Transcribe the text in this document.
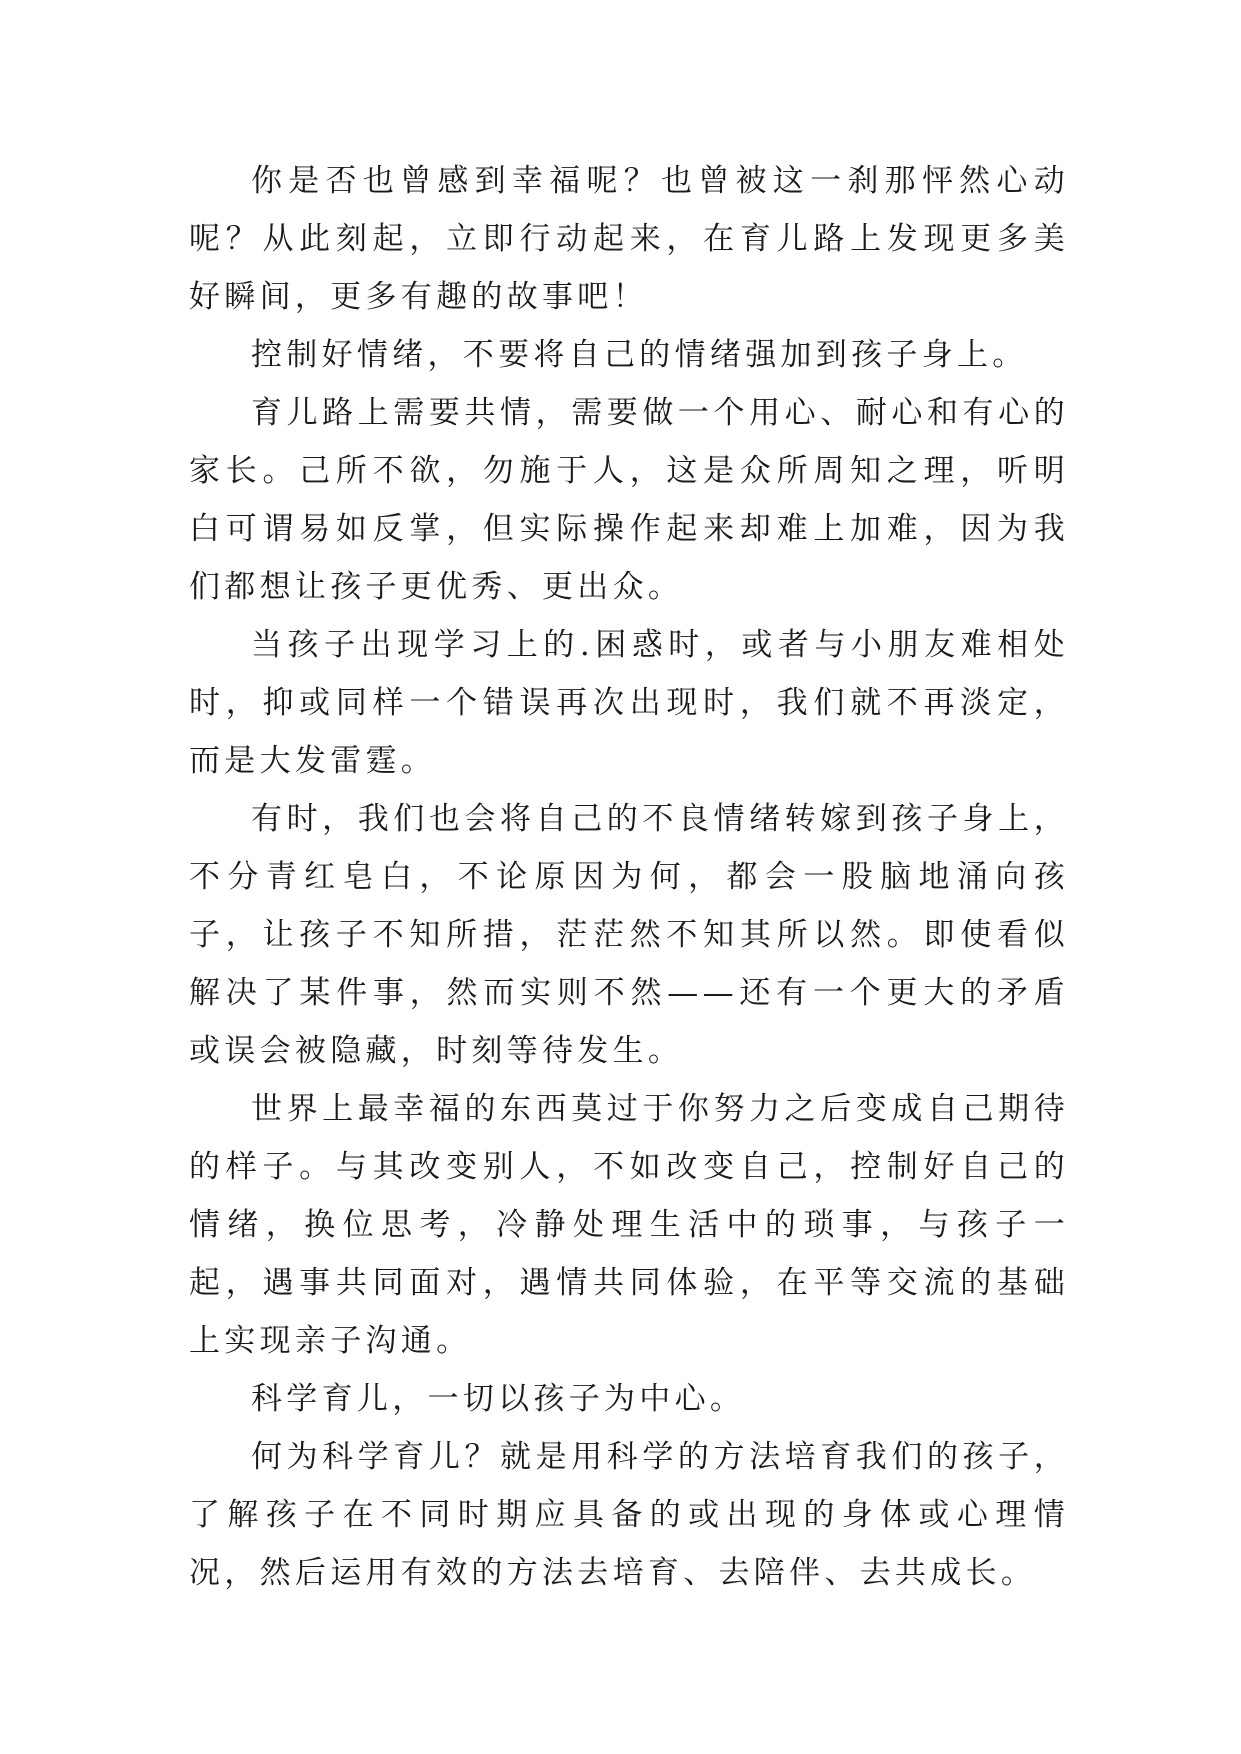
你是否也曾感到幸福呢？也曾被这一刹那怦然心动呢？从此刻起，立即行动起来，在育儿路上发现更多美好瞬间，更多有趣的故事吧！

控制好情绪，不要将自己的情绪强加到孩子身上。

育儿路上需要共情，需要做一个用心、耐心和有心的家长。己所不欲，勿施于人，这是众所周知之理，听明白可谓易如反掌，但实际操作起来却难上加难，因为我们都想让孩子更优秀、更出众。

当孩子出现学习上的.困惑时，或者与小朋友难相处时，抑或同样一个错误再次出现时，我们就不再淡定，而是大发雷霆。

有时，我们也会将自己的不良情绪转嫁到孩子身上，不分青红皂白，不论原因为何，都会一股脑地涌向孩子，让孩子不知所措，茫茫然不知其所以然。即使看似解决了某件事，然而实则不然——还有一个更大的矛盾或误会被隐藏，时刻等待发生。

世界上最幸福的东西莫过于你努力之后变成自己期待的样子。与其改变别人，不如改变自己，控制好自己的情绪，换位思考，冷静处理生活中的琐事，与孩子一起，遇事共同面对，遇情共同体验，在平等交流的基础上实现亲子沟通。

科学育儿，一切以孩子为中心。

何为科学育儿？就是用科学的方法培育我们的孩子，了解孩子在不同时期应具备的或出现的身体或心理情况，然后运用有效的方法去培育、去陪伴、去共成长。
